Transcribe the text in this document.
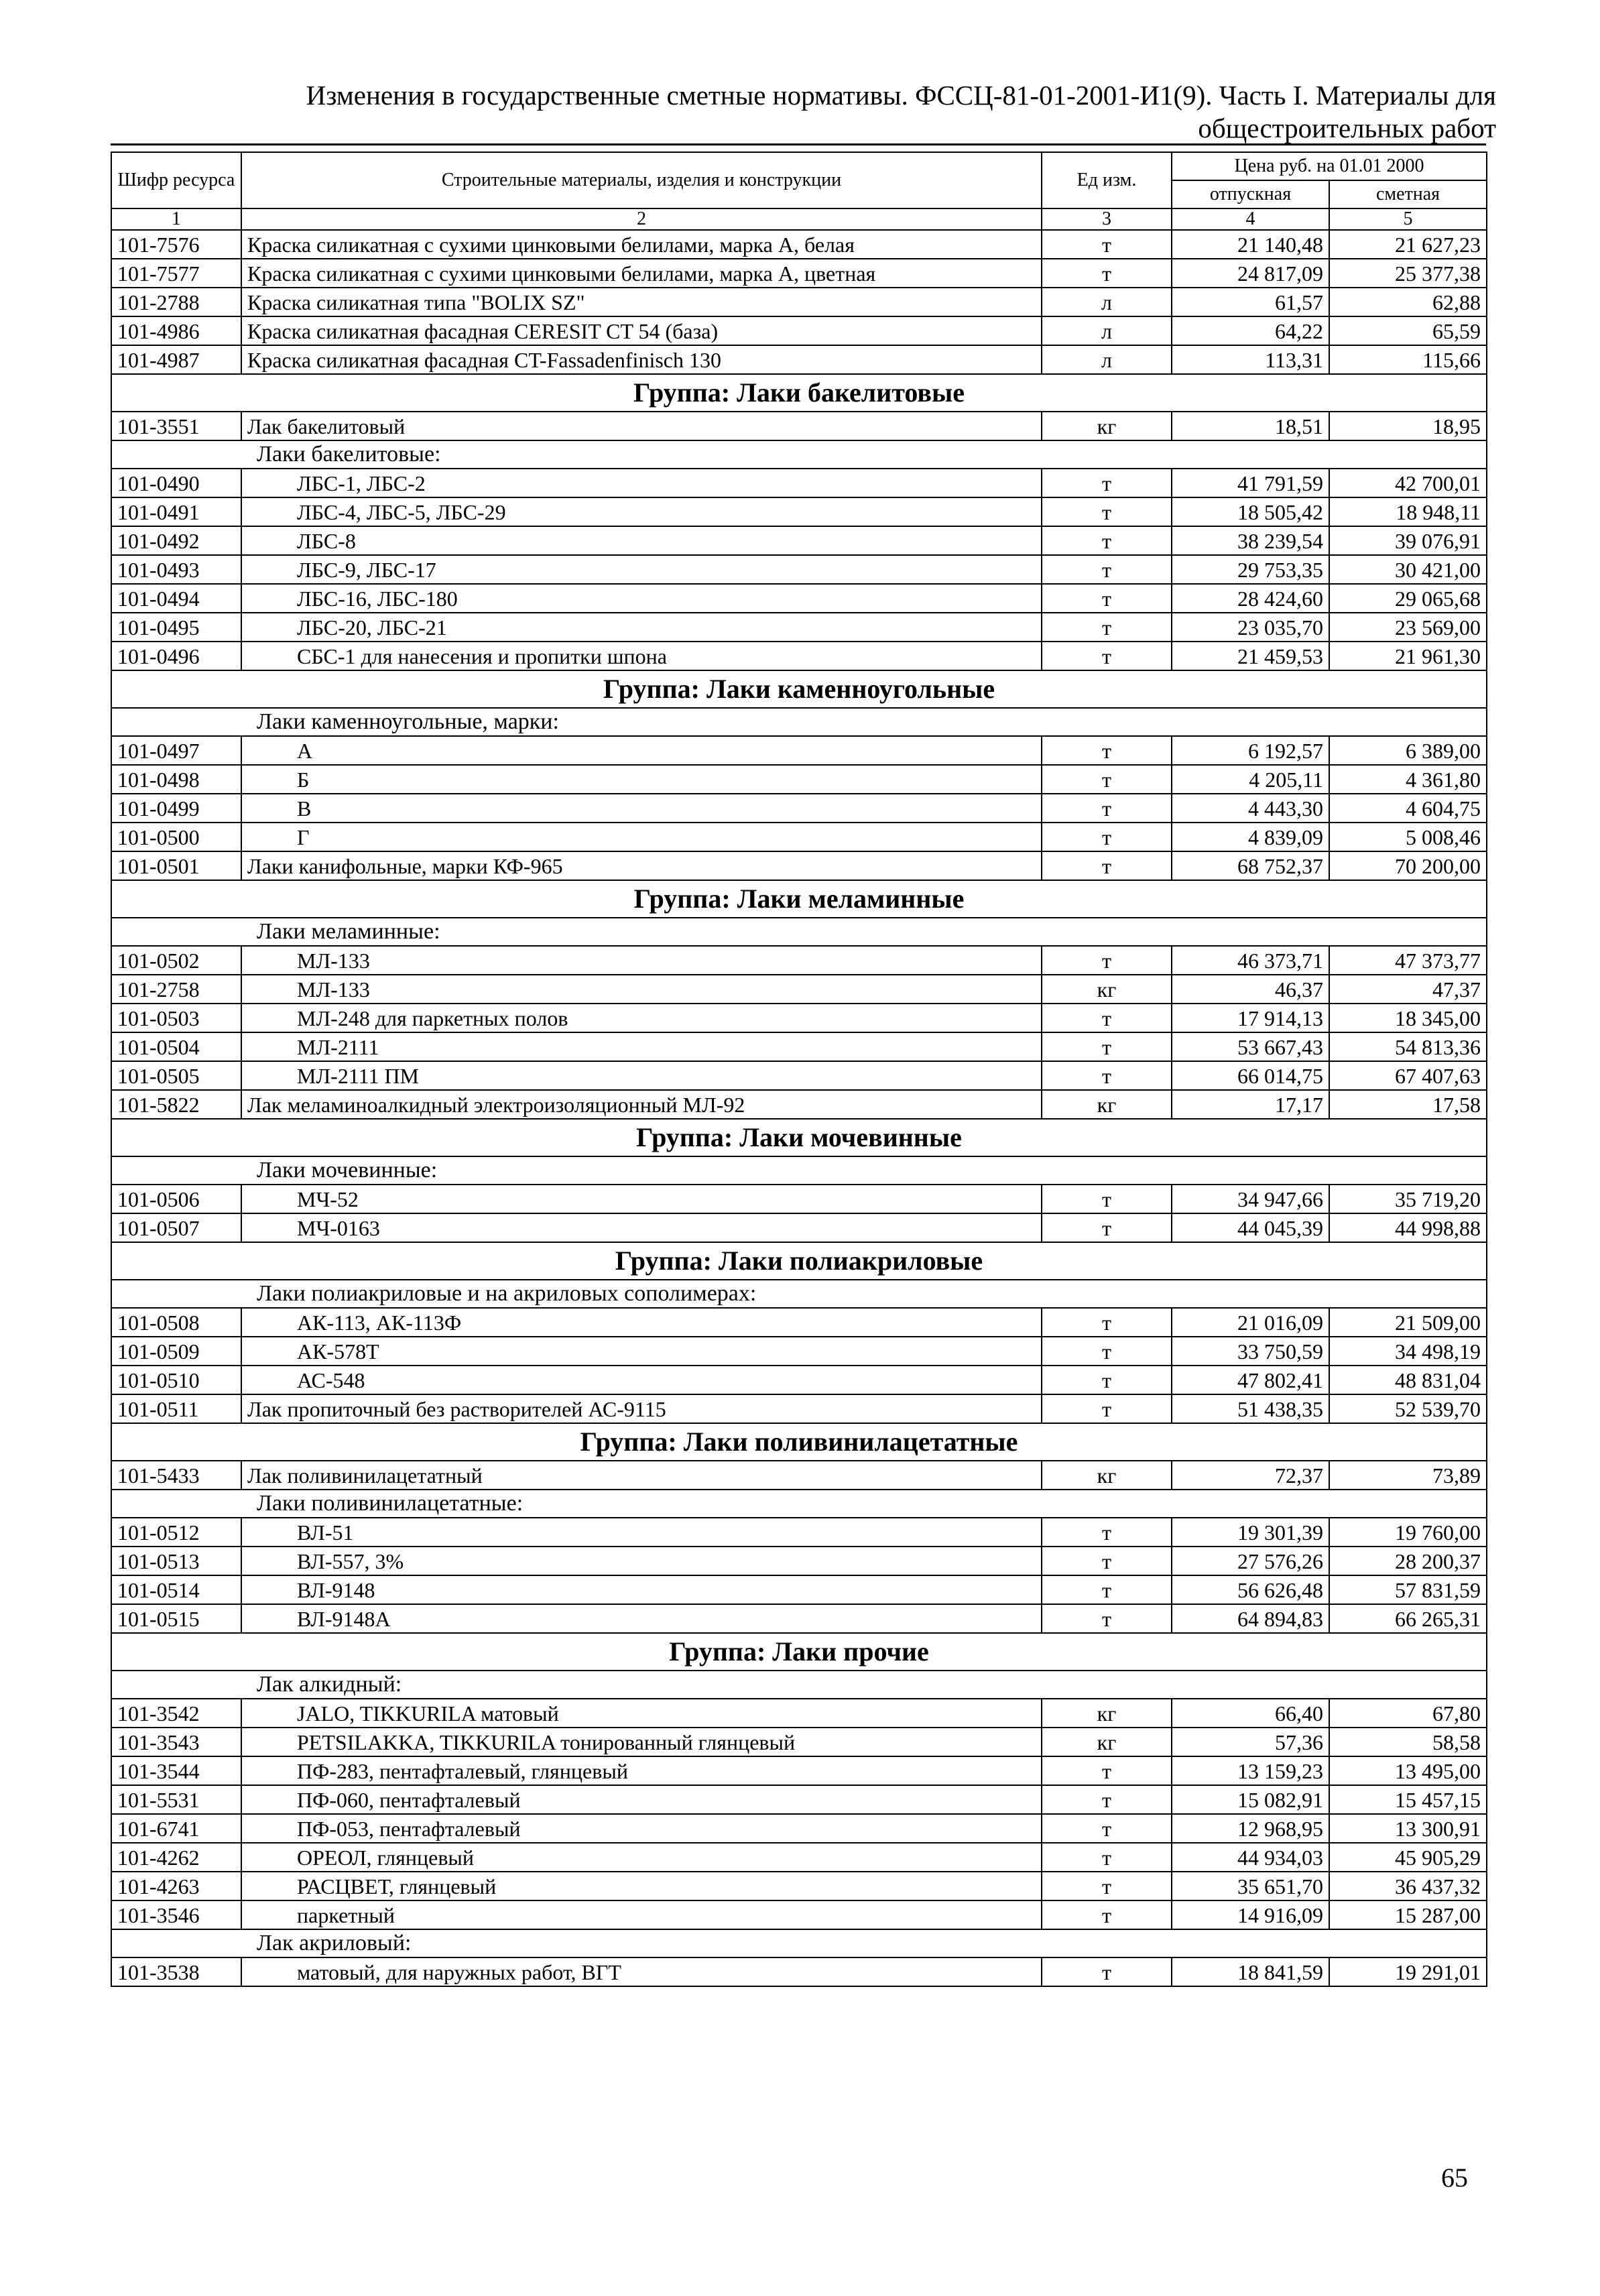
Изменения в государственные сметные нормативы. ФССЦ-81-01-2001-И1(9). Часть I. Материалы для
общестроительных работ
Шифр ресурса	Строительные материалы, изделия и конструкции	Ед изм.	Цена руб. на 01.01 2000	
			отпускная	сметная
1	2	3	4	5
101-7576	Краска силикатная с сухими цинковыми белилами, марка А, белая	т	21 140,48	21 627,23
101-7577	Краска силикатная с сухими цинковыми белилами, марка А, цветная	т	24 817,09	25 377,38
101-2788	Краска силикатная типа "BOLIX SZ"	л	61,57	62,88
101-4986	Краска силикатная фасадная CERESIT CT 54 (база)	л	64,22	65,59
101-4987	Краска силикатная фасадная CT-Fassadenfinisch 130	л	113,31	115,66
Группа: Лаки бакелитовые				
101-3551	Лак бакелитовый	кг	18,51	18,95
Лаки бакелитовые:				
101-0490	ЛБС-1, ЛБС-2	т	41 791,59	42 700,01
101-0491	ЛБС-4, ЛБС-5, ЛБС-29	т	18 505,42	18 948,11
101-0492	ЛБС-8	т	38 239,54	39 076,91
101-0493	ЛБС-9, ЛБС-17	т	29 753,35	30 421,00
101-0494	ЛБС-16, ЛБС-180	т	28 424,60	29 065,68
101-0495	ЛБС-20, ЛБС-21	т	23 035,70	23 569,00
101-0496	СБС-1 для нанесения и пропитки шпона	т	21 459,53	21 961,30
Группа: Лаки каменноугольные				
Лаки каменноугольные, марки:				
101-0497	А	т	6 192,57	6 389,00
101-0498	Б	т	4 205,11	4 361,80
101-0499	В	т	4 443,30	4 604,75
101-0500	Г	т	4 839,09	5 008,46
101-0501	Лаки канифольные, марки КФ-965	т	68 752,37	70 200,00
Группа: Лаки меламинные				
Лаки меламинные:				
101-0502	МЛ-133	т	46 373,71	47 373,77
101-2758	МЛ-133	кг	46,37	47,37
101-0503	МЛ-248 для паркетных полов	т	17 914,13	18 345,00
101-0504	МЛ-2111	т	53 667,43	54 813,36
101-0505	МЛ-2111 ПМ	т	66 014,75	67 407,63
101-5822	Лак меламиноалкидный электроизоляционный МЛ-92	кг	17,17	17,58
Группа: Лаки мочевинные				
Лаки мочевинные:				
101-0506	МЧ-52	т	34 947,66	35 719,20
101-0507	МЧ-0163	т	44 045,39	44 998,88
Группа: Лаки полиакриловые				
Лаки полиакриловые и на акриловых сополимерах:				
101-0508	АК-113, АК-113Ф	т	21 016,09	21 509,00
101-0509	АК-578Т	т	33 750,59	34 498,19
101-0510	АС-548	т	47 802,41	48 831,04
101-0511	Лак пропиточный без растворителей АС-9115	т	51 438,35	52 539,70
Группа: Лаки поливинилацетатные				
101-5433	Лак поливинилацетатный	кг	72,37	73,89
Лаки поливинилацетатные:				
101-0512	ВЛ-51	т	19 301,39	19 760,00
101-0513	ВЛ-557, 3%	т	27 576,26	28 200,37
101-0514	ВЛ-9148	т	56 626,48	57 831,59
101-0515	ВЛ-9148А	т	64 894,83	66 265,31
Группа: Лаки прочие				
Лак алкидный:				
101-3542	JALO, TIKKURILA матовый	кг	66,40	67,80
101-3543	PETSILAKKA, TIKKURILA тонированный глянцевый	кг	57,36	58,58
101-3544	ПФ-283, пентафталевый, глянцевый	т	13 159,23	13 495,00
101-5531	ПФ-060, пентафталевый	т	15 082,91	15 457,15
101-6741	ПФ-053, пентафталевый	т	12 968,95	13 300,91
101-4262	ОРЕОЛ, глянцевый	т	44 934,03	45 905,29
101-4263	РАСЦВЕТ, глянцевый	т	35 651,70	36 437,32
101-3546	паркетный	т	14 916,09	15 287,00
Лак акриловый:				
101-3538	матовый, для наружных работ, ВГТ	т	18 841,59	19 291,01
65
